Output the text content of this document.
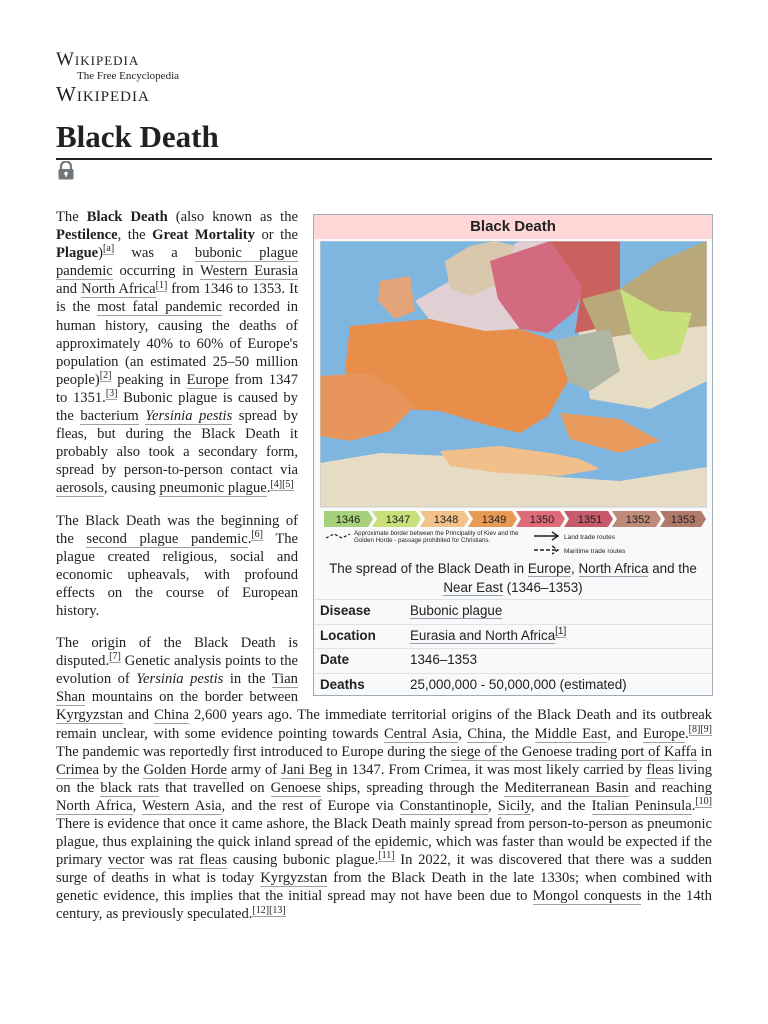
Wikipedia
The Free Encyclopedia
Wikipedia
Black Death

The Black Death (also known as the Pestilence, the Great Mortality or the Plague)[a] was a bubonic plague pandemic occurring in Western Eurasia and North Africa[1] from 1346 to 1353. It is the most fatal pandemic recorded in human history, causing the deaths of approximately 40% to 60% of Europe's population (an estimated 25–50 million people)[2] peaking in Europe from 1347 to 1351.[3] Bubonic plague is caused by the bacterium Yersinia pestis spread by fleas, but during the Black Death it probably also took a secondary form, spread by person-to-person contact via aerosols, causing pneumonic plague.[4][5]

The Black Death was the beginning of the second plague pandemic.[6] The plague created religious, social and economic upheavals, with profound effects on the course of European history.

The origin of the Black Death is disputed.[7] Genetic analysis points to the evolution of Yersinia pestis in the Tian Shan mountains on the border between Kyrgyzstan and China 2,600 years ago. The immediate territorial origins of the Black Death and its outbreak remain unclear, with some evidence pointing towards Central Asia, China, the Middle East, and Europe.[8][9] The pandemic was reportedly first introduced to Europe during the siege of the Genoese trading port of Kaffa in Crimea by the Golden Horde army of Jani Beg in 1347. From Crimea, it was most likely carried by fleas living on the black rats that travelled on Genoese ships, spreading through the Mediterranean Basin and reaching North Africa, Western Asia, and the rest of Europe via Constantinople, Sicily, and the Italian Peninsula.[10] There is evidence that once it came ashore, the Black Death mainly spread from person-to-person as pneumonic plague, thus explaining the quick inland spread of the epidemic, which was faster than would be expected if the primary vector was rat fleas causing bubonic plague.[11] In 2022, it was discovered that there was a sudden surge of deaths in what is today Kyrgyzstan from the Black Death in the late 1330s; when combined with genetic evidence, this implies that the initial spread may not have been due to Mongol conquests in the 14th century, as previously speculated.[12][13]

Black Death
1346 1347 1348 1349 1350 1351 1352 1353
Approximate border between the Principality of Kiev and the Golden Horde - passage prohibited for Christians.	Land trade routes
Maritime trade routes
The spread of the Black Death in Europe, North Africa and the Near East (1346–1353)
Disease	Bubonic plague
Location	Eurasia and North Africa[1]
Date	1346–1353
Deaths	25,000,000 - 50,000,000 (estimated)
